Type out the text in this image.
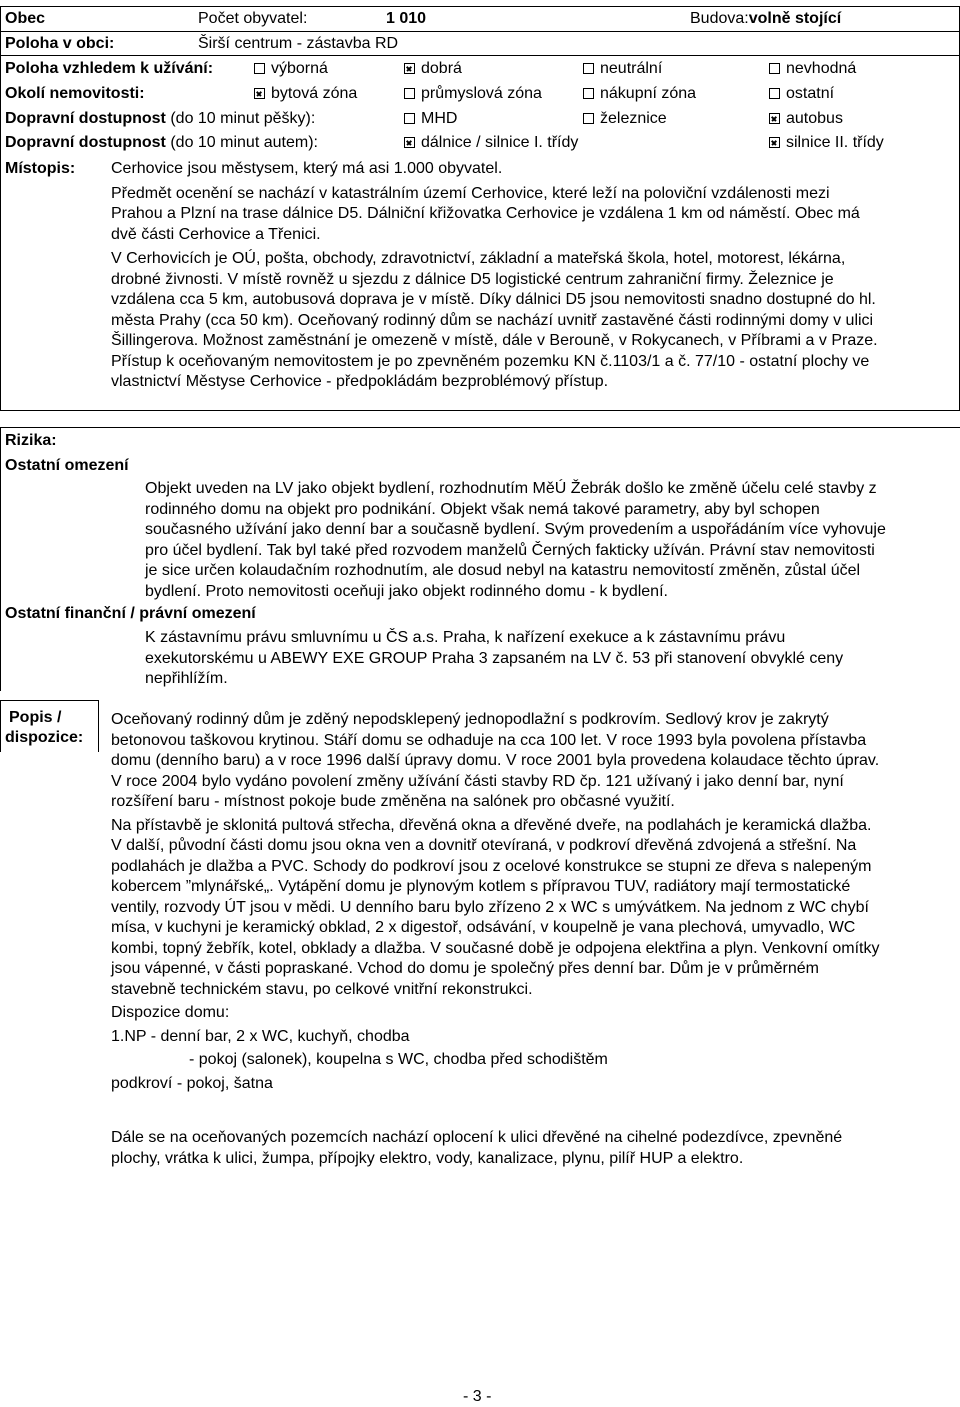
Obec	Počet obyvatel:	1 010	Budova:volně stojící
Poloha v obci:	Širší centrum - zástavba RD
Poloha vzhledem k užívání:	výborná	dobrá	neutrální	nevhodná
Okolí nemovitosti:	bytová zóna	průmyslová zóna	nákupní zóna	ostatní
Dopravní dostupnost (do 10 minut pěšky):	MHD	železnice	autobus
Dopravní dostupnost (do 10 minut autem):	dálnice / silnice I. třídy	silnice II. třídy
Místopis: Cerhovice jsou městysem, který má asi 1.000 obyvatel.
Předmět ocenění se nachází v katastrálním území Cerhovice, které leží na poloviční vzdálenosti mezi
Prahou a Plzní na trase dálnice D5. Dálniční křižovatka Cerhovice je vzdálena 1 km od náměstí. Obec má
dvě části Cerhovice a Třenici.
V Cerhovicích je OÚ, pošta, obchody, zdravotnictví, základní a mateřská škola, hotel, motorest, lékárna,
drobné živnosti. V místě rovněž u sjezdu z dálnice D5 logistické centrum zahraniční firmy. Železnice je
vzdálena cca 5 km, autobusová doprava je v místě. Díky dálnici D5 jsou nemovitosti snadno dostupné do hl.
města Prahy (cca 50 km). Oceňovaný rodinný dům se nachází uvnitř zastavěné části rodinnými domy v ulici
Šillingerova. Možnost zaměstnání je omezeně v místě, dále v Berouně, v Rokycanech, v Příbrami a v Praze.
Přístup k oceňovaným nemovitostem je po zpevněném pozemku KN č.1103/1 a č. 77/10 - ostatní plochy ve
vlastnictví Městyse Cerhovice - předpokládám bezproblémový přístup.
Rizika:
Ostatní omezení
Objekt uveden na LV jako objekt bydlení, rozhodnutím MěÚ Žebrák došlo ke změně účelu celé stavby z
rodinného domu na objekt pro podnikání. Objekt však nemá takové parametry, aby byl schopen
současného užívání jako denní bar a současně bydlení. Svým provedením a uspořádáním více vyhovuje
pro účel bydlení. Tak byl také před rozvodem manželů Černých fakticky užíván. Právní stav nemovitosti
je sice určen kolaudačním rozhodnutím, ale dosud nebyl na katastru nemovitostí změněn, zůstal účel
bydlení. Proto nemovitosti oceňuji jako objekt rodinného domu - k bydlení.
Ostatní finanční / právní omezení
K zástavnímu právu smluvnímu u ČS a.s. Praha, k nařízení exekuce a k zástavnímu právu
exekutorskému u ABEWY EXE GROUP Praha 3 zapsaném na LV č. 53 při stanovení obvyklé ceny
nepřihlížím.
Popis /
dispozice:
Oceňovaný rodinný dům je zděný nepodsklepený jednopodlažní s podkrovím. Sedlový krov je zakrytý
betonovou taškovou krytinou. Stáří domu se odhaduje na cca 100 let. V roce 1993 byla povolena přístavba
domu (denního baru) a v roce 1996 další úpravy domu. V roce 2001 byla provedena kolaudace těchto úprav.
V roce 2004 bylo vydáno povolení změny užívání části stavby RD čp. 121 užívaný i jako denní bar, nyní
rozšíření baru - místnost pokoje bude změněna na salónek pro občasné využití.
Na přístavbě je sklonitá pultová střecha, dřevěná okna a dřevěné dveře, na podlahách je keramická dlažba.
V další, původní části domu jsou okna ven a dovnitř otevíraná, v podkroví dřevěná zdvojená a střešní. Na
podlahách je dlažba a PVC. Schody do podkroví jsou z ocelové konstrukce se stupni ze dřeva s nalepeným
kobercem ”mlynářské„. Vytápění domu je plynovým kotlem s přípravou TUV, radiátory mají termostatické
ventily, rozvody ÚT jsou v mědi. U denního baru bylo zřízeno 2 x WC s umývátkem. Na jednom z WC chybí
mísa, v kuchyni je keramický obklad, 2 x digestoř, odsávání, v koupelně je vana plechová, umyvadlo, WC
kombi, topný žebřík, kotel, obklady a dlažba. V současné době je odpojena elektřina a plyn. Venkovní omítky
jsou vápenné, v části popraskané. Vchod do domu je společný přes denní bar. Dům je v průměrném
stavebně technickém stavu, po celkové vnitřní rekonstrukci.
Dispozice domu:
1.NP - denní bar, 2 x WC, kuchyň, chodba
- pokoj (salonek), koupelna s WC, chodba před schodištěm
podkroví - pokoj, šatna
Dále se na oceňovaných pozemcích nachází oplocení k ulici dřevěné na cihelné podezdívce, zpevněné
plochy, vrátka k ulici, žumpa, přípojky elektro, vody, kanalizace, plynu, pilíř HUP a elektro.
- 3 -
